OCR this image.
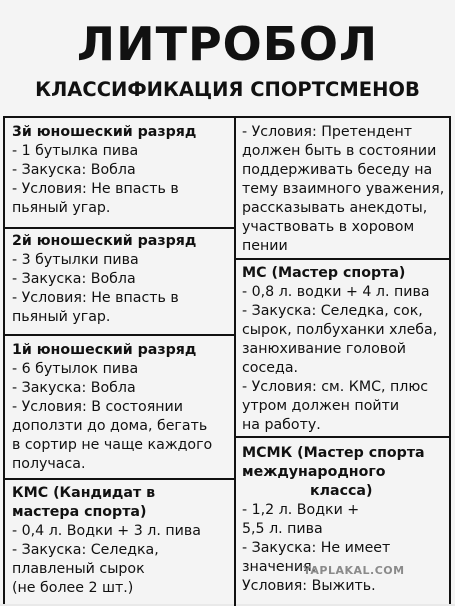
ЛИТРОБОЛ
КЛАССИФИКАЦИЯ СПОРТСМЕНОВ
3й юношеский разряд
- 1 бутылка пива
- Закуска: Вобла
- Условия: Не впасть в
пьяный угар.
2й юношеский разряд
- 3 бутылки пива
- Закуска: Вобла
- Условия: Не впасть в
пьяный угар.
1й юношеский разряд
- 6 бутылок пива
- Закуска: Вобла
- Условия: В состоянии
доползти до дома, бегать
в сортир не чаще каждого
получаса.
КМС (Кандидат в
мастера спорта)
- 0,4 л. Водки + 3 л. пива
- Закуска: Селедка,
плавленый сырок
(не более 2 шт.)
- Условия: Претендент
должен быть в состоянии
поддерживать беседу на
тему взаимного уважения,
рассказывать анекдоты,
участвовать в хоровом
пении
МС (Мастер спорта)
- 0,8 л. водки + 4 л. пива
- Закуска: Селедка, сок,
сырок, полбуханки хлеба,
занюхивание головой
соседа.
- Условия: см. КМС, плюс
утром должен пойти
на работу.
МСМК (Мастер спорта
международного
класса)
- 1,2 л. Водки +
5,5 л. пива
- Закуска: Не имеет
значения.
Условия: Выжить.
YAPLAKAL.COM
